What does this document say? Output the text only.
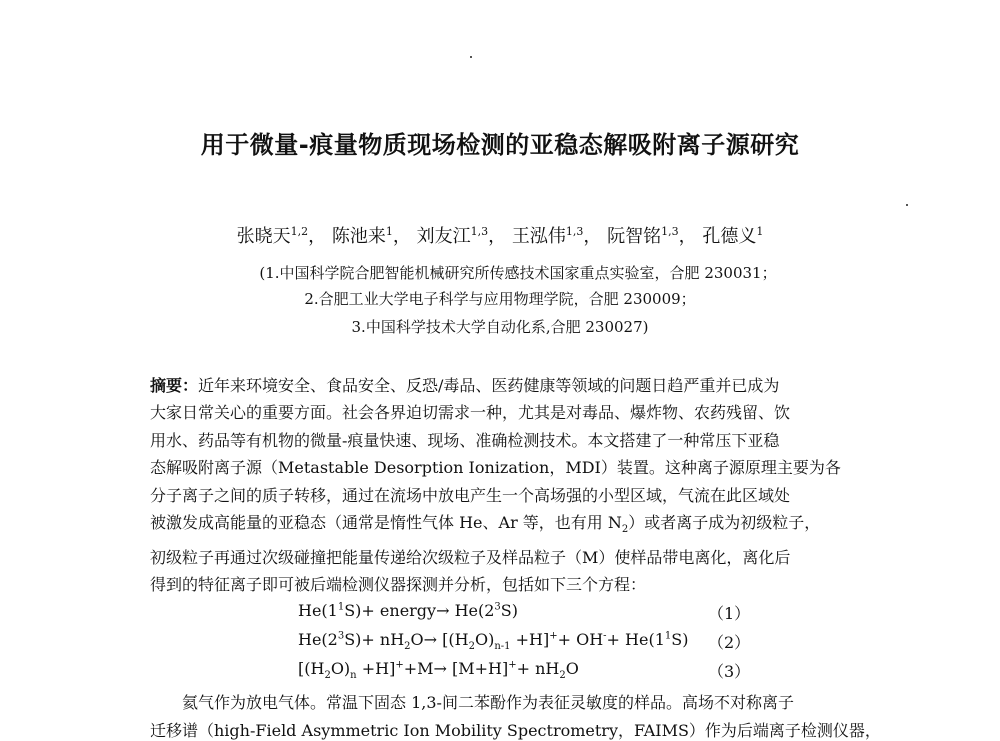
用于微量-痕量物质现场检测的亚稳态解吸附离子源研究
张晓天$^{1,2}$， 陈池来$^1$， 刘友江$^{1,3}$， 王泓伟$^{1,3}$， 阮智铭$^{1,3}$， 孔德义$^1$
(1.中国科学院合肥智能机械研究所传感技术国家重点实验室，合肥 230031；
2.合肥工业大学电子科学与应用物理学院，合肥 230009；
3.中国科学技术大学自动化系,合肥 230027)
摘要：近年来环境安全、食品安全、反恐/毒品、医药健康等领域的问题日趋严重并已成为
大家日常关心的重要方面。社会各界迫切需求一种，尤其是对毒品、爆炸物、农药残留、饮
用水、药品等有机物的微量-痕量快速、现场、准确检测技术。本文搭建了一种常压下亚稳
态解吸附离子源（Metastable Desorption Ionization，MDI）装置。这种离子源原理主要为各
分子离子之间的质子转移，通过在流场中放电产生一个高场强的小型区域，气流在此区域处
被激发成高能量的亚稳态（通常是惰性气体 He、Ar 等，也有用 $N_2$）或者离子成为初级粒子，
初级粒子再通过次级碰撞把能量传递给次级粒子及样品粒子（M）使样品带电离化，离化后
得到的特征离子即可被后端检测仪器探测并分析，包括如下三个方程：
$He(1^1S)+$ energy→ $He(2^3S)$	（1）
$He(2^3S)+ nH_2O\to [(H_2O)_{n-1} +H]^++ OH^-+ He(1^1S)$ （2）
$[(H_2O)_n +H]^++M\to [M+H]^++ nH_2O$	（3）
氦气作为放电气体。常温下固态 1,3-间二苯酚作为表征灵敏度的样品。高场不对称离子
迁移谱（high-Field Asymmetric Ion Mobility Spectrometry，FAIMS）作为后端离子检测仪器，
